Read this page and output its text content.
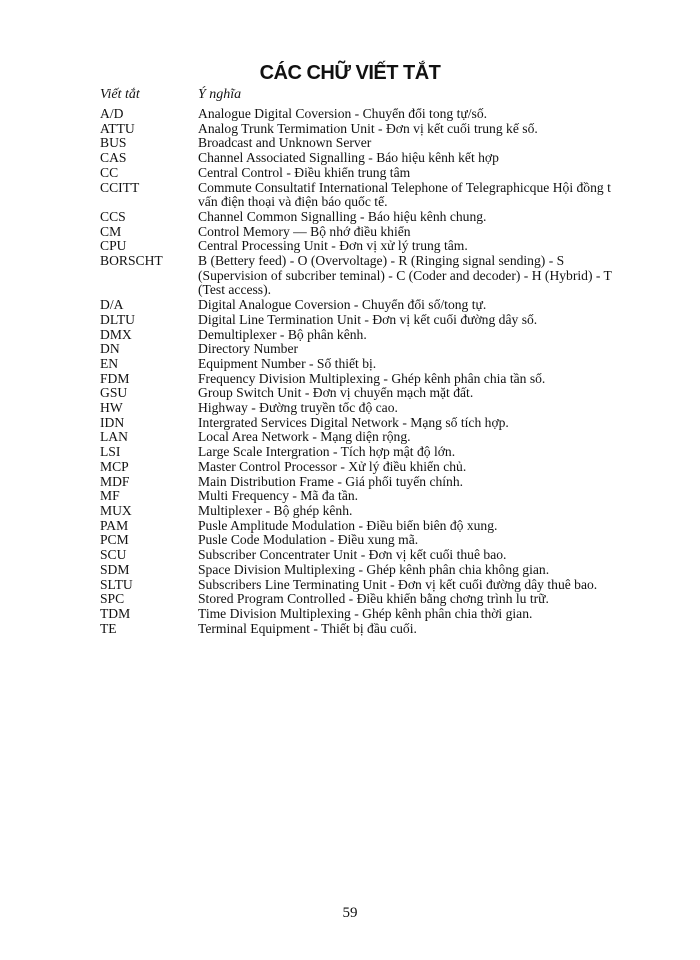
CÁC CHỮ VIẾT TẮT
Viết tắt	Ý nghĩa
A/D	Analogue Digital Coversion - Chuyển đổi tong tự/số.
ATTU	Analog Trunk Termimation Unit - Đơn vị kết cuối trung kế số.
BUS	Broadcast and Unknown Server
CAS	Channel Associated Signalling - Báo hiệu kênh kết hợp
CC	Central Control - Điều khiển trung tâm
CCITT	Commute Consultatif International Telephone of Telegraphicque Hội đồng t vấn điện thoại và điện báo quốc tế.
CCS	Channel Common Signalling - Báo hiệu kênh chung.
CM	Control Memory — Bộ nhớ điều khiển
CPU	Central Processing Unit - Đơn vị xử lý trung tâm.
BORSCHT	B (Bettery feed) - O (Overvoltage) - R (Ringing signal sending) - S (Supervision of subcriber teminal) - C (Coder and decoder) - H (Hybrid) - T (Test access).
D/A	Digital Analogue Coversion - Chuyển đổi số/tong tự.
DLTU	Digital Line Termination Unit - Đơn vị kết cuối đường dây số.
DMX	Demultiplexer - Bộ phân kênh.
DN	Directory Number
EN	Equipment Number - Số thiết bị.
FDM	Frequency Division Multiplexing - Ghép kênh phân chia tần số.
GSU	Group Switch Unit - Đơn vị chuyển mạch mặt đất.
HW	Highway - Đường truyền tốc độ cao.
IDN	Intergrated Services Digital Network - Mạng số tích hợp.
LAN	Local Area Network - Mạng diện rộng.
LSI	Large Scale Intergration - Tích hợp mật độ lớn.
MCP	Master Control Processor - Xử lý điều khiển chủ.
MDF	Main Distribution Frame - Giá phối tuyến chính.
MF	Multi Frequency - Mã đa tần.
MUX	Multiplexer - Bộ ghép kênh.
PAM	Pusle Amplitude Modulation - Điều biến biên độ xung.
PCM	Pusle Code Modulation - Điều xung mã.
SCU	Subscriber Concentrater Unit - Đơn vị kết cuối thuê bao.
SDM	Space Division Multiplexing - Ghép kênh phân chia không gian.
SLTU	Subscribers Line Terminating Unit - Đơn vị kết cuối đường dây thuê bao.
SPC	Stored Program Controlled - Điều khiển bằng chơng trình lu trữ.
TDM	Time Division Multiplexing - Ghép kênh phân chia thời gian.
TE	Terminal Equipment - Thiết bị đầu cuối.
59
